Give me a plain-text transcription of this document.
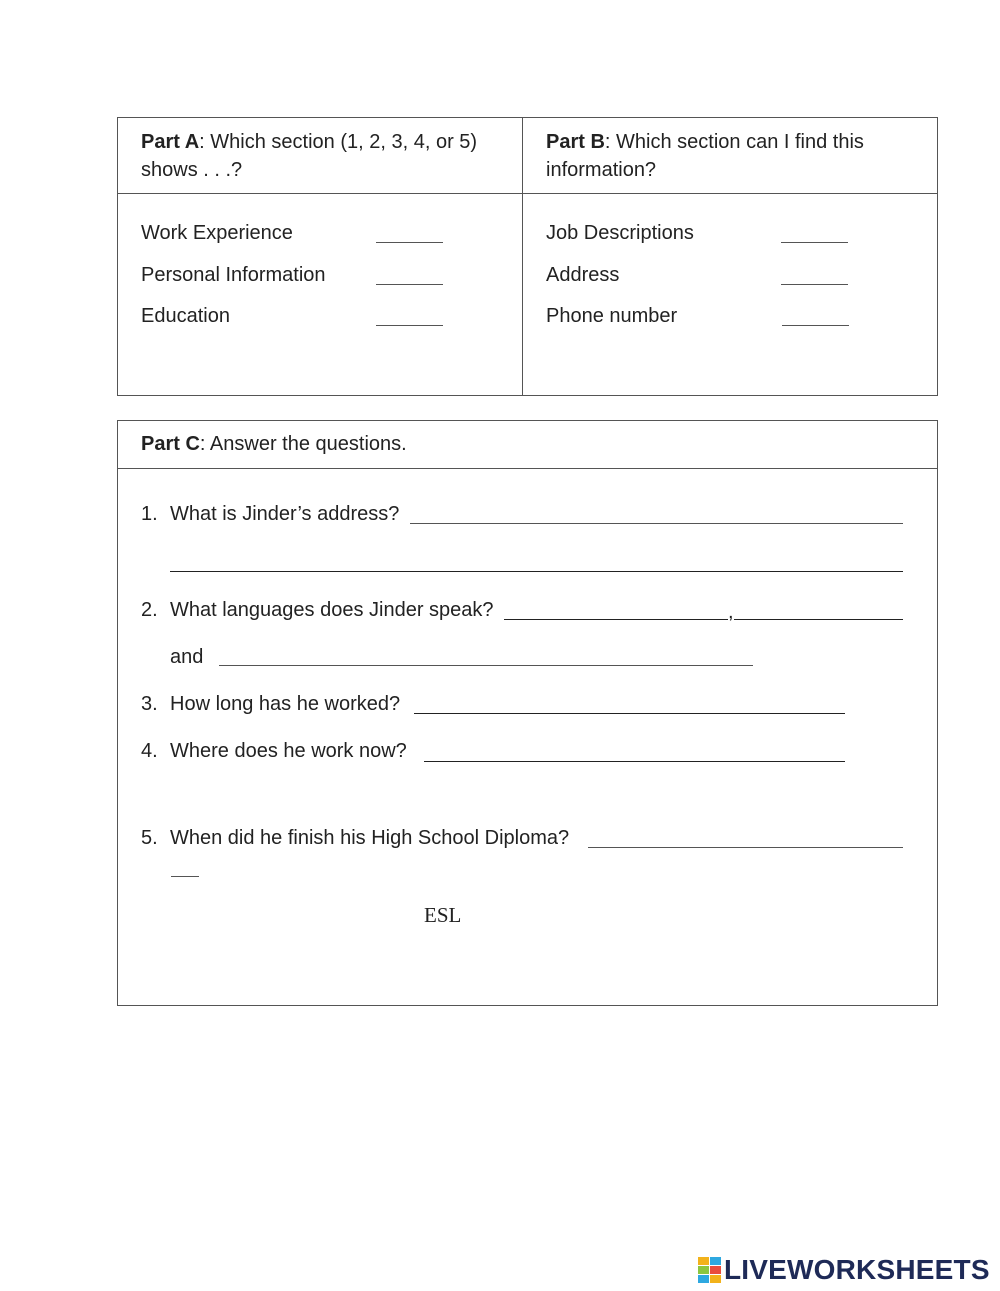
Part A: Which section (1, 2, 3, 4, or 5)
shows . . .?
Part B: Which section can I find this
information?
Work Experience
Personal Information
Education
Job Descriptions
Address
Phone number
Part C: Answer the questions.
1. What is Jinder’s address?
2. What languages does Jinder speak?	,
and
3. How long has he worked?
4. Where does he work now?
5. When did he finish his High School Diploma?
ESL
LIVEWORKSHEETS
